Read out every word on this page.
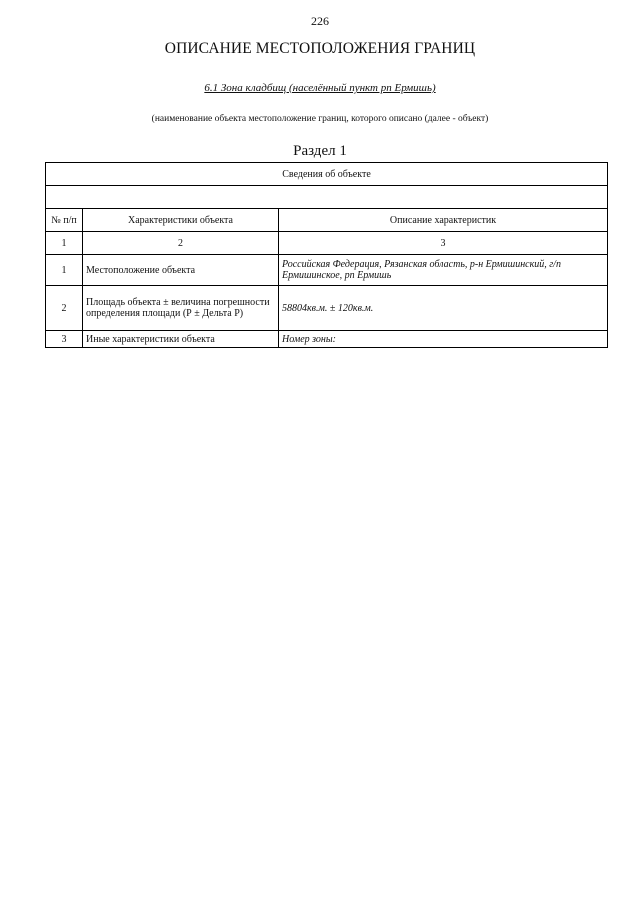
226
ОПИСАНИЕ МЕСТОПОЛОЖЕНИЯ ГРАНИЦ
6.1 Зона кладбищ (населённый пункт рп Ермишь)
(наименование объекта местоположение границ, которого описано (далее - объект)
Раздел 1
Сведения об объекте		

№ п/п	Характеристики объекта	Описание характеристик
1	2	3
1	Местоположение объекта	Российская Федерация, Рязанская область, р-н Ермишинский, г/п Ермишинское, рп Ермишь
2	Площадь объекта ± величина погрешности определения площади (Р ± Дельта Р)	58804кв.м. ± 120кв.м.
3	Иные характеристики объекта	Номер зоны:
